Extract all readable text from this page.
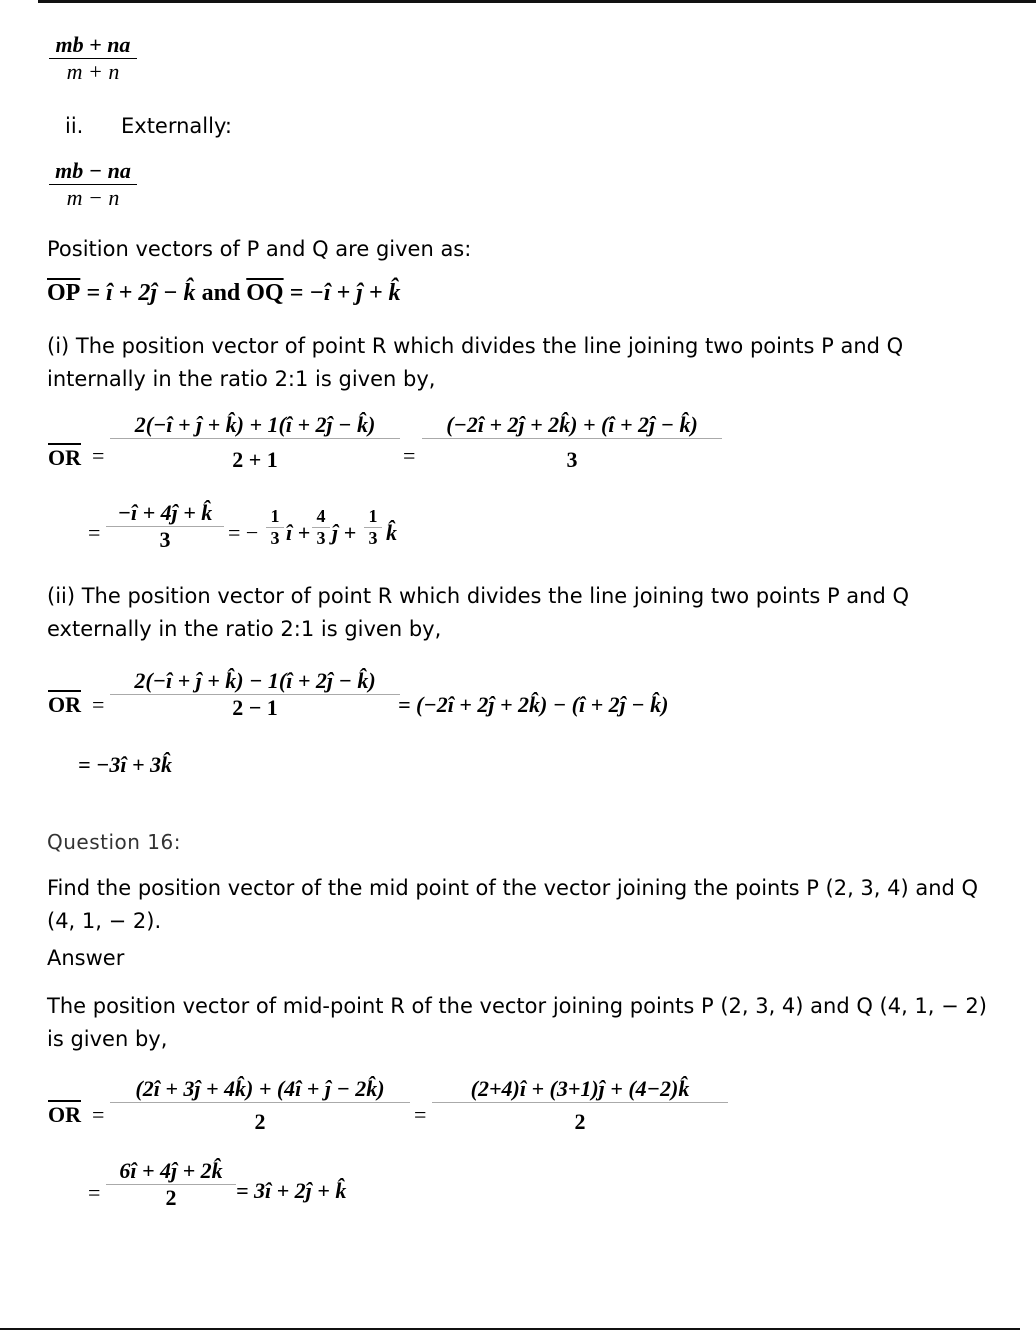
mb + na
m + n
ii. Externally:
mb − na
m − n
Position vectors of P and Q are given as:
$\overline{OP}$ = î + 2ĵ − k̂ and $\overline{OQ}$ = −î + ĵ + k̂
(i) The position vector of point R which divides the line joining two points P and Q internally in the ratio 2:1 is given by,
$\overline{OR}$ =
2(−î + ĵ + k̂) + 1(î + 2ĵ − k̂)
2 + 1	=
(−2î + 2ĵ + 2k̂) + (î + 2ĵ − k̂)
3
=
−î + 4ĵ + k̂
3	= −
1
3 î +
4
3 ĵ +
1
3 k̂
(ii) The position vector of point R which divides the line joining two points P and Q externally in the ratio 2:1 is given by,
$\overline{OR}$ =
2(−î + ĵ + k̂) − 1(î + 2ĵ − k̂)
2 − 1	= (−2î + 2ĵ + 2k̂) − (î + 2ĵ − k̂)
= −3î + 3k̂
Question 16:
Find the position vector of the mid point of the vector joining the points P (2, 3, 4) and Q (4, 1, − 2).
Answer
The position vector of mid-point R of the vector joining points P (2, 3, 4) and Q (4, 1, − 2) is given by,
$\overline{OR}$ =
(2î + 3ĵ + 4k̂) + (4î + ĵ − 2k̂)
2	=
(2+4)î + (3+1)ĵ + (4−2)k̂
2
=
6î + 4ĵ + 2k̂
2	= 3î + 2ĵ + k̂
